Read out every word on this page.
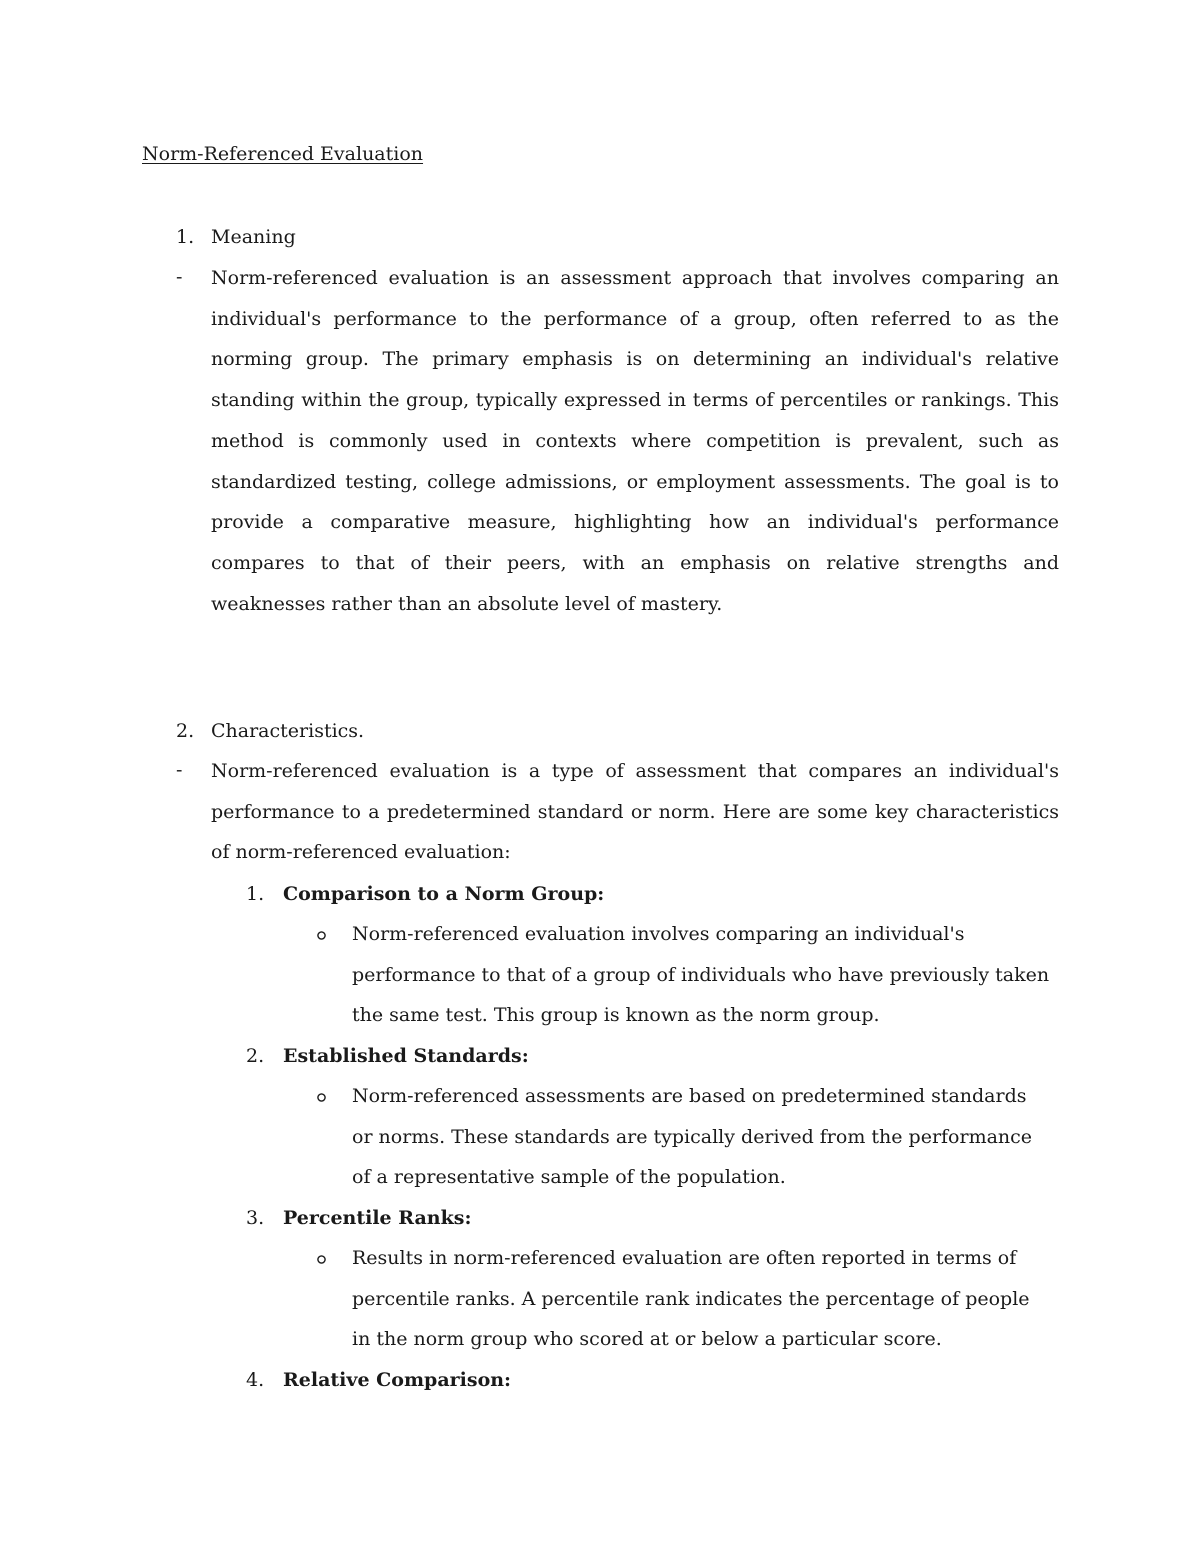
Norm-Referenced Evaluation
1. Meaning
- Norm-referenced evaluation is an assessment approach that involves comparing an individual's performance to the performance of a group, often referred to as the norming group. The primary emphasis is on determining an individual's relative standing within the group, typically expressed in terms of percentiles or rankings. This method is commonly used in contexts where competition is prevalent, such as standardized testing, college admissions, or employment assessments. The goal is to provide a comparative measure, highlighting how an individual's performance compares to that of their peers, with an emphasis on relative strengths and weaknesses rather than an absolute level of mastery.

2. Characteristics.
- Norm-referenced evaluation is a type of assessment that compares an individual's performance to a predetermined standard or norm. Here are some key characteristics of norm-referenced evaluation:

1. Comparison to a Norm Group:

Norm-referenced evaluation involves comparing an individual's performance to that of a group of individuals who have previously taken the same test. This group is known as the norm group.

2. Established Standards:

Norm-referenced assessments are based on predetermined standards or norms. These standards are typically derived from the performance of a representative sample of the population.

3. Percentile Ranks:

Results in norm-referenced evaluation are often reported in terms of percentile ranks. A percentile rank indicates the percentage of people in the norm group who scored at or below a particular score.

4. Relative Comparison:
